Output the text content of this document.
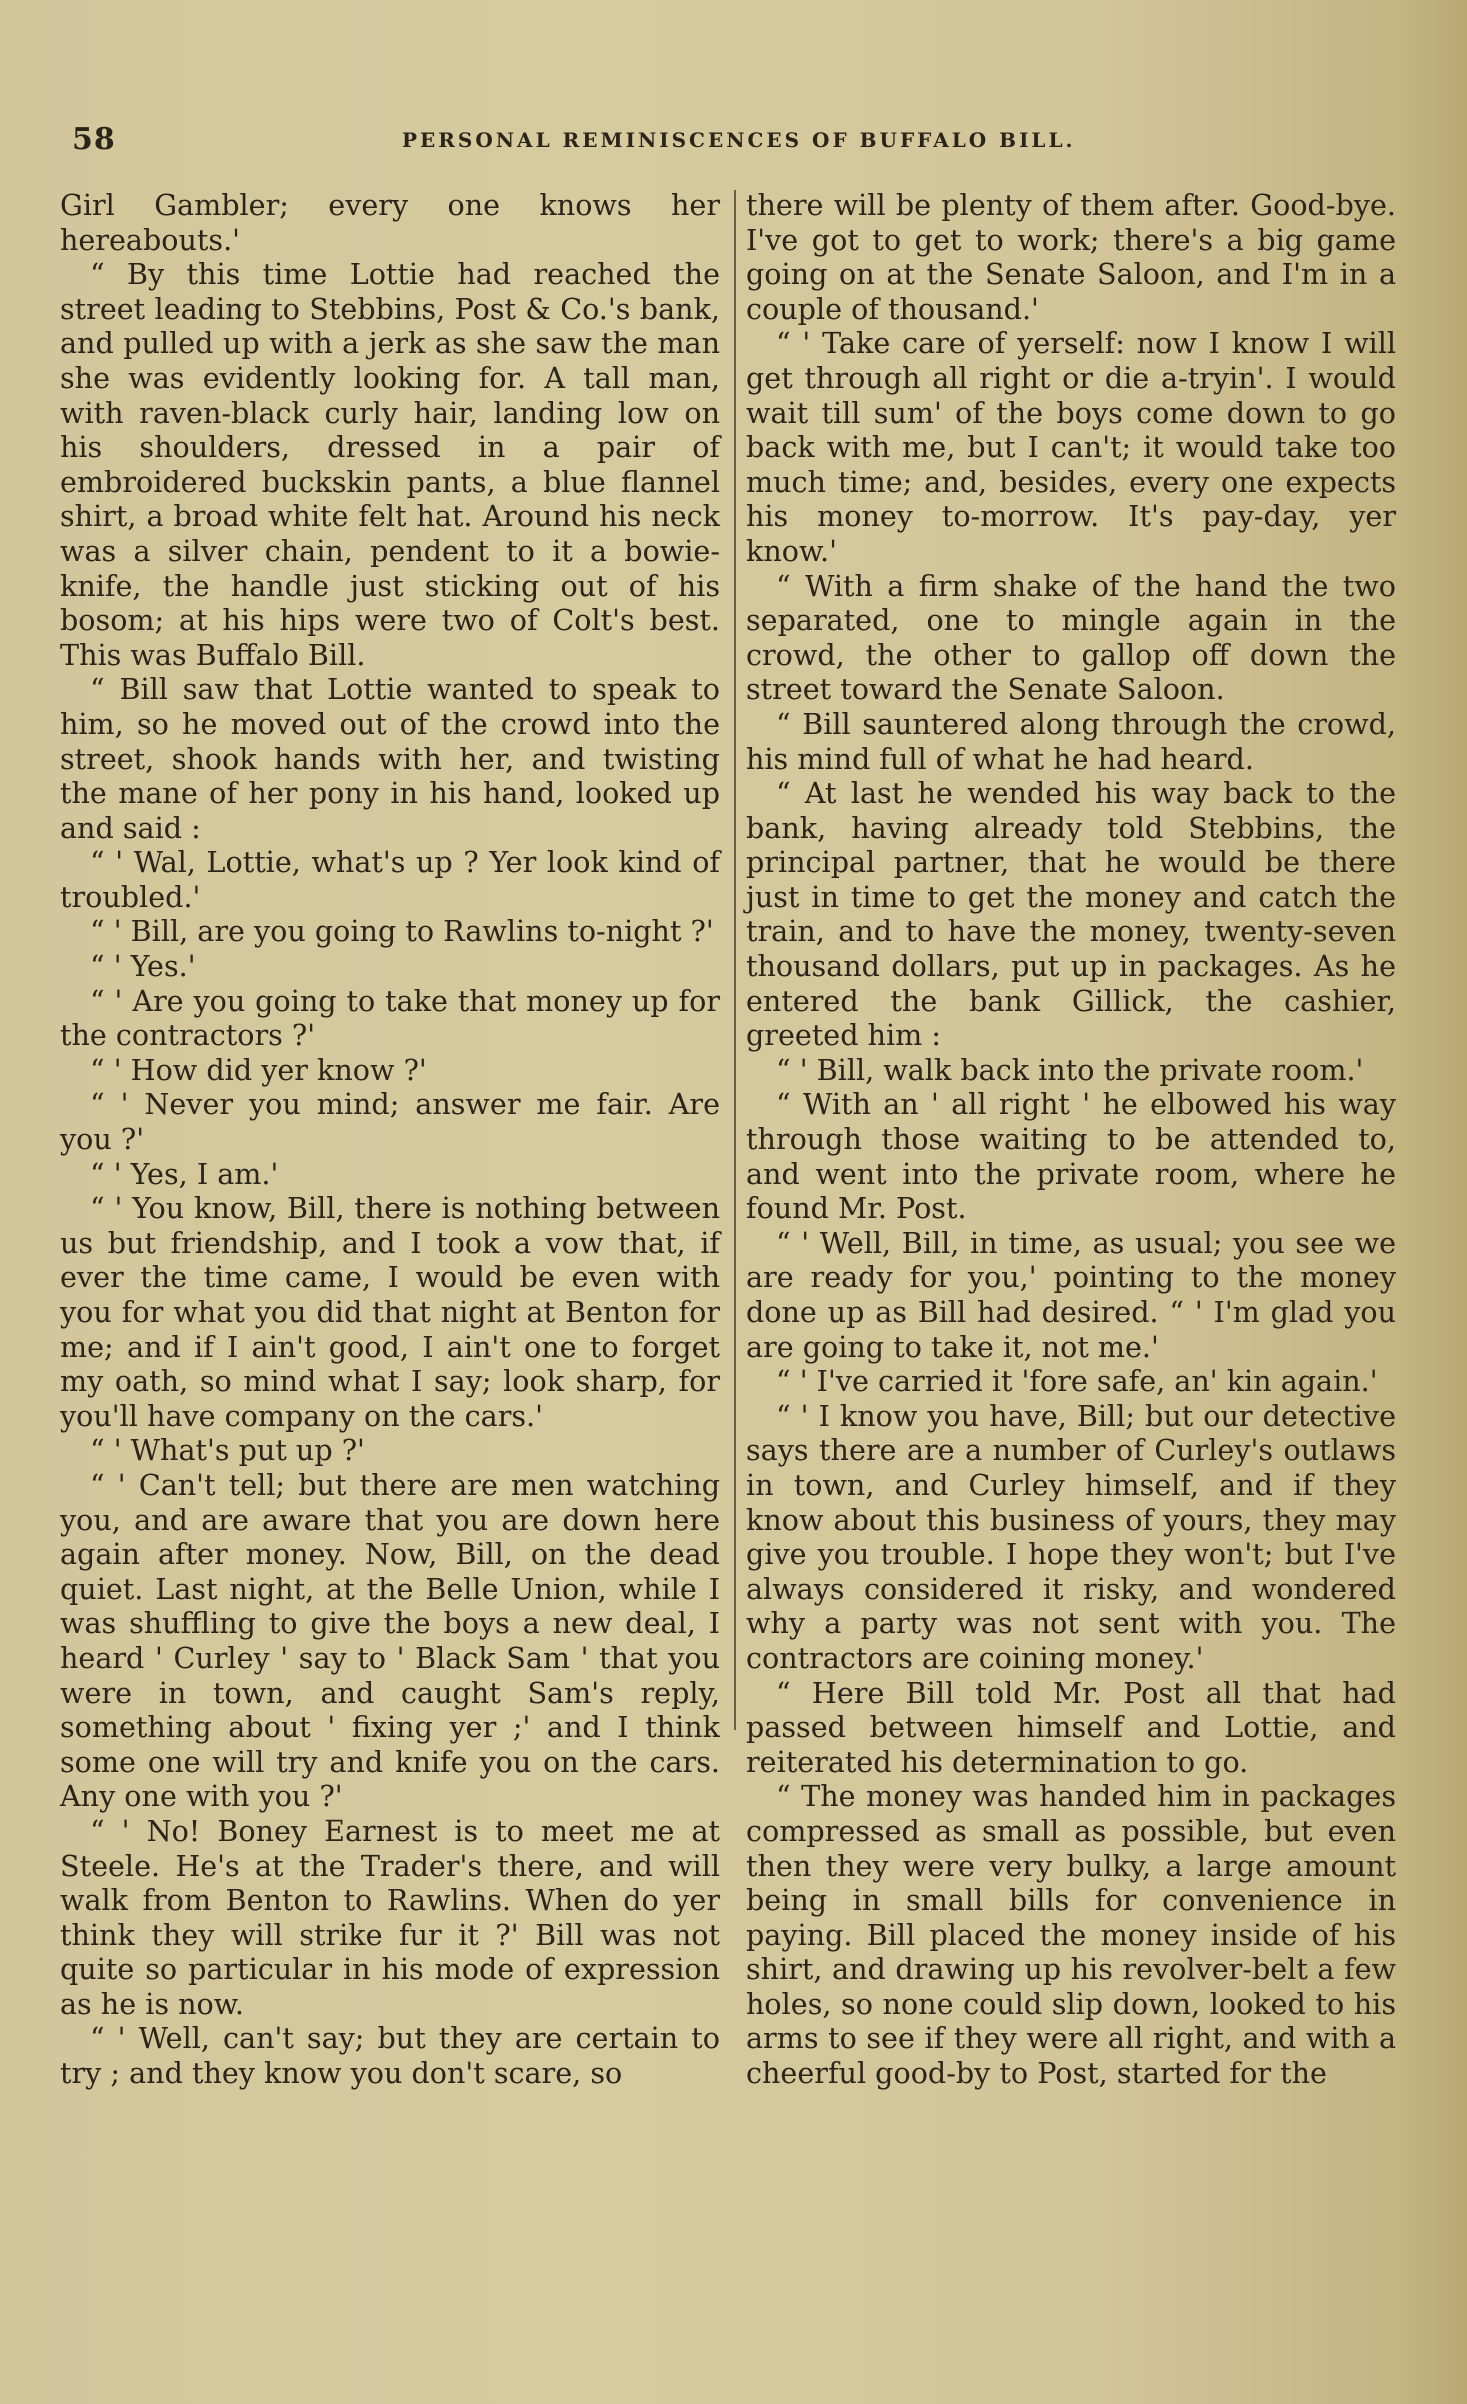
58	PERSONAL REMINISCENCES OF BUFFALO BILL.

Girl Gambler; every one knows her hereabouts.'

“ By this time Lottie had reached the street leading to Stebbins, Post & Co.'s bank, and pulled up with a jerk as she saw the man she was evidently looking for. A tall man, with raven-black curly hair, landing low on his shoulders, dressed in a pair of embroidered buckskin pants, a blue flannel shirt, a broad white felt hat. Around his neck was a silver chain, pendent to it a bowie-knife, the handle just sticking out of his bosom; at his hips were two of Colt's best. This was Buffalo Bill.

“ Bill saw that Lottie wanted to speak to him, so he moved out of the crowd into the street, shook hands with her, and twisting the mane of her pony in his hand, looked up and said :

“ ' Wal, Lottie, what's up ? Yer look kind of troubled.'

“ ' Bill, are you going to Rawlins to-night ?'

“ ' Yes.'

“ ' Are you going to take that money up for the contractors ?'

“ ' How did yer know ?'

“ ' Never you mind; answer me fair. Are you ?'

“ ' Yes, I am.'

“ ' You know, Bill, there is nothing between us but friendship, and I took a vow that, if ever the time came, I would be even with you for what you did that night at Benton for me; and if I ain't good, I ain't one to forget my oath, so mind what I say; look sharp, for you'll have company on the cars.'

“ ' What's put up ?'

“ ' Can't tell; but there are men watching you, and are aware that you are down here again after money. Now, Bill, on the dead quiet. Last night, at the Belle Union, while I was shuffling to give the boys a new deal, I heard ' Curley ' say to ' Black Sam ' that you were in town, and caught Sam's reply, something about ' fixing yer ;' and I think some one will try and knife you on the cars. Any one with you ?'

“ ' No! Boney Earnest is to meet me at Steele. He's at the Trader's there, and will walk from Benton to Rawlins. When do yer think they will strike fur it ?' Bill was not quite so particular in his mode of expression as he is now.

“ ' Well, can't say; but they are certain to try ; and they know you don't scare, so

there will be plenty of them after. Good-bye. I've got to get to work; there's a big game going on at the Senate Saloon, and I'm in a couple of thousand.'

“ ' Take care of yerself: now I know I will get through all right or die a-tryin'. I would wait till sum' of the boys come down to go back with me, but I can't; it would take too much time; and, besides, every one expects his money to-morrow. It's pay-day, yer know.'

“ With a firm shake of the hand the two separated, one to mingle again in the crowd, the other to gallop off down the street toward the Senate Saloon.

“ Bill sauntered along through the crowd, his mind full of what he had heard.

“ At last he wended his way back to the bank, having already told Stebbins, the principal partner, that he would be there just in time to get the money and catch the train, and to have the money, twenty-seven thousand dollars, put up in packages. As he entered the bank Gillick, the cashier, greeted him :

“ ' Bill, walk back into the private room.'

“ With an ' all right ' he elbowed his way through those waiting to be attended to, and went into the private room, where he found Mr. Post.

“ ' Well, Bill, in time, as usual; you see we are ready for you,' pointing to the money done up as Bill had desired. “ ' I'm glad you are going to take it, not me.'

“ ' I've carried it 'fore safe, an' kin again.'

“ ' I know you have, Bill; but our detective says there are a number of Curley's outlaws in town, and Curley himself, and if they know about this business of yours, they may give you trouble. I hope they won't; but I've always considered it risky, and wondered why a party was not sent with you. The contractors are coining money.'

“ Here Bill told Mr. Post all that had passed between himself and Lottie, and reiterated his determination to go.

“ The money was handed him in packages compressed as small as possible, but even then they were very bulky, a large amount being in small bills for convenience in paying. Bill placed the money inside of his shirt, and drawing up his revolver-belt a few holes, so none could slip down, looked to his arms to see if they were all right, and with a cheerful good-by to Post, started for the
